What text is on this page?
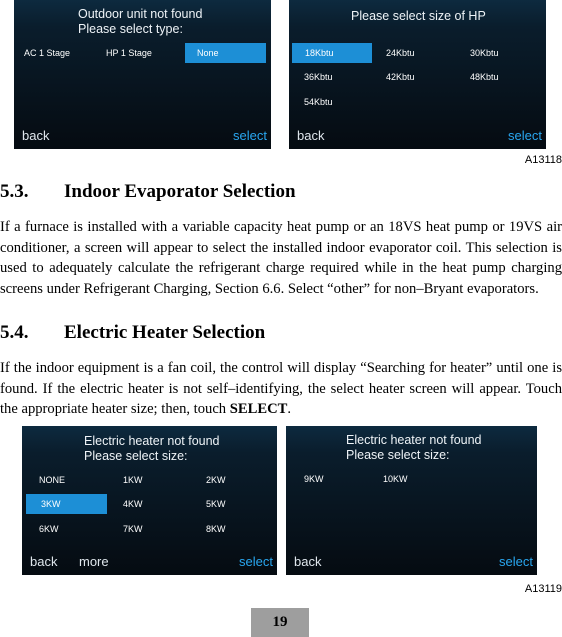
Outdoor unit not found
Please select type:
AC 1 Stage	HP 1 Stage	None
back	select
Please select size of HP
18Kbtu	24Kbtu	30Kbtu
36Kbtu	42Kbtu	48Kbtu
54Kbtu
back	select
A13118
5.3. Indoor Evaporator Selection

If a furnace is installed with a variable capacity heat pump or an 18VS heat pump or 19VS air conditioner, a screen will appear to select the installed indoor evaporator coil. This selection is used to adequately calculate the refrigerant charge required while in the heat pump charging screens under Refrigerant Charging, Section 6.6. Select “other” for non–Bryant evaporators.

5.4. Electric Heater Selection

If the indoor equipment is a fan coil, the control will display “Searching for heater” until one is found. If the electric heater is not self–identifying, the select heater screen will appear. Touch the appropriate heater size; then, touch SELECT.

Electric heater not found
Please select size:
NONE	1KW	2KW
3KW	4KW	5KW
6KW	7KW	8KW
back more	select
Electric heater not found
Please select size:
9KW	10KW
back	select
A13119
19
